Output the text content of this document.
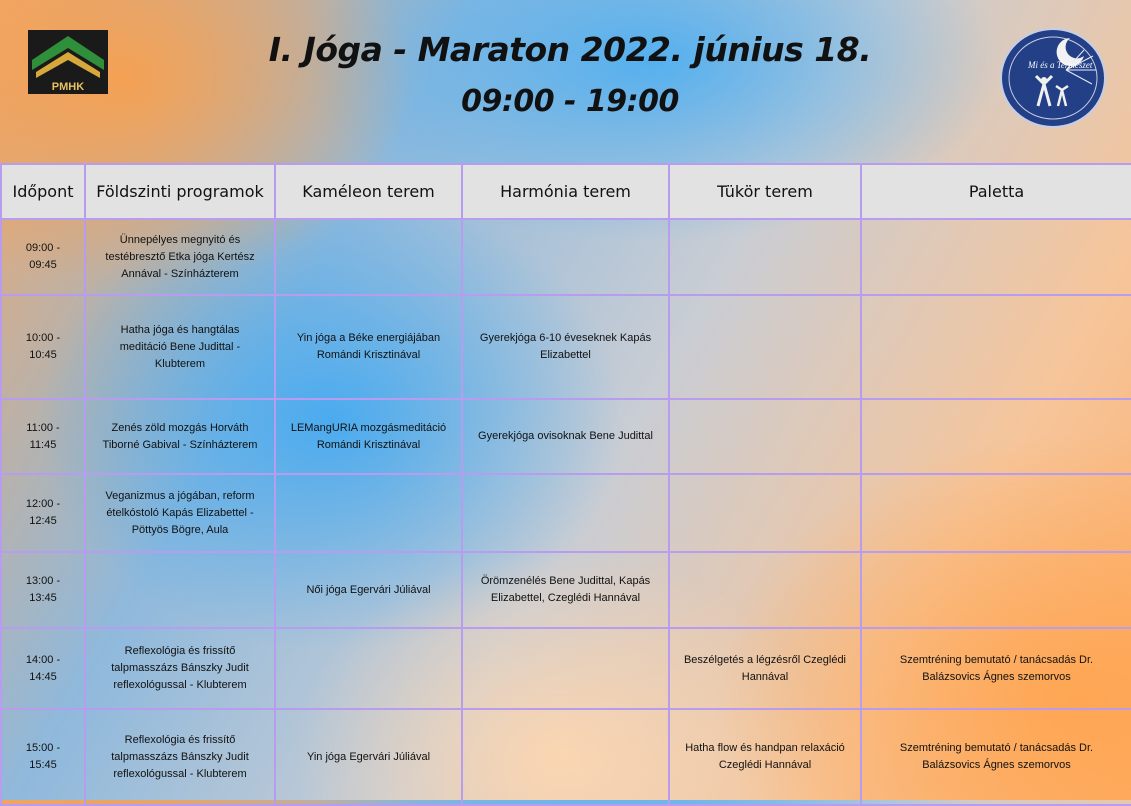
PMHK
I. Jóga - Maraton 2022. június 18.
09:00 - 19:00
Mi és a Természet
Időpont	Földszinti programok	Kaméleon terem	Harmónia terem	Tükör terem	Paletta
09:00 -
09:45	Ünnepélyes megnyitó és testébresztő Etka jóga Kertész Annával - Színházterem				
10:00 -
10:45	Hatha jóga és hangtálas meditáció Bene Judittal - Klubterem	Yin jóga a Béke energiájában Romándi Krisztinával	Gyerekjóga 6-10 éveseknek Kapás Elizabettel		
11:00 -
11:45	Zenés zöld mozgás Horváth Tiborné Gabival - Színházterem	LEMangURIA mozgásmeditáció Romándi Krisztinával	Gyerekjóga ovisoknak Bene Judittal		
12:00 -
12:45	Veganizmus a jógában, reform ételkóstoló Kapás Elizabettel - Pöttyös Bögre, Aula				
13:00 -
13:45		Női jóga Egervári Júliával	Örömzenélés Bene Judittal, Kapás Elizabettel, Czeglédi Hannával		
14:00 -
14:45	Reflexológia és frissítő talpmasszázs Bánszky Judit reflexológussal - Klubterem			Beszélgetés a légzésről Czeglédi Hannával	Szemtréning bemutató / tanácsadás Dr. Balázsovics Ágnes szemorvos
15:00 -
15:45	Reflexológia és frissítő talpmasszázs Bánszky Judit reflexológussal - Klubterem	Yin jóga Egervári Júliával		Hatha flow és handpan relaxáció Czeglédi Hannával	Szemtréning bemutató / tanácsadás Dr. Balázsovics Ágnes szemorvos
